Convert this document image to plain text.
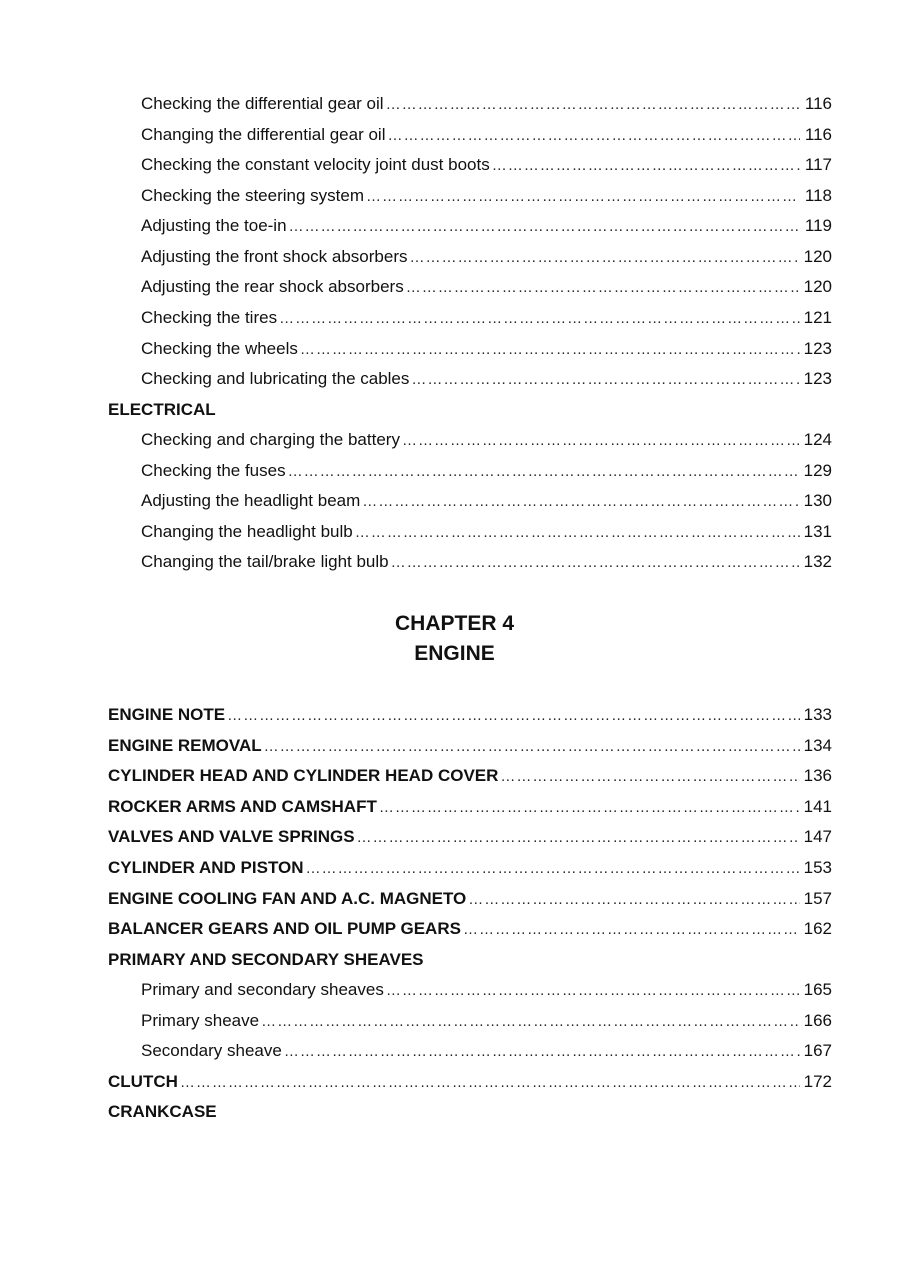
Checking the differential gear oil ……………………………………………………………………………………………………………………………………………………………………………………………………	116
Changing the differential gear oil ……………………………………………………………………………………………………………………………………………………………………………………………………	116
Checking the constant velocity joint dust boots ……………………………………………………………………………………………………………………………………………………………………………………………………	117
Checking the steering system ……………………………………………………………………………………………………………………………………………………………………………………………………	118
Adjusting the toe-in ……………………………………………………………………………………………………………………………………………………………………………………………………	119
Adjusting the front shock absorbers ……………………………………………………………………………………………………………………………………………………………………………………………………	120
Adjusting the rear shock absorbers ……………………………………………………………………………………………………………………………………………………………………………………………………	120
Checking the tires ……………………………………………………………………………………………………………………………………………………………………………………………………	121
Checking the wheels ……………………………………………………………………………………………………………………………………………………………………………………………………	123
Checking and lubricating the cables ……………………………………………………………………………………………………………………………………………………………………………………………………	123
ELECTRICAL
Checking and charging the battery ……………………………………………………………………………………………………………………………………………………………………………………………………	124
Checking the fuses ……………………………………………………………………………………………………………………………………………………………………………………………………	129
Adjusting the headlight beam ……………………………………………………………………………………………………………………………………………………………………………………………………	130
Changing the headlight bulb ……………………………………………………………………………………………………………………………………………………………………………………………………	131
Changing the tail/brake light bulb ……………………………………………………………………………………………………………………………………………………………………………………………………	132
CHAPTER 4
ENGINE
ENGINE NOTE ……………………………………………………………………………………………………………………………………………………………………………………………………	133
ENGINE REMOVAL ……………………………………………………………………………………………………………………………………………………………………………………………………	134
CYLINDER HEAD AND CYLINDER HEAD COVER ……………………………………………………………………………………………………………………………………………………………………………………………………	136
ROCKER ARMS AND CAMSHAFT ……………………………………………………………………………………………………………………………………………………………………………………………………	141
VALVES AND VALVE SPRINGS ……………………………………………………………………………………………………………………………………………………………………………………………………	147
CYLINDER AND PISTON ……………………………………………………………………………………………………………………………………………………………………………………………………	153
ENGINE COOLING FAN AND A.C. MAGNETO ……………………………………………………………………………………………………………………………………………………………………………………………………	157
BALANCER GEARS AND OIL PUMP GEARS ……………………………………………………………………………………………………………………………………………………………………………………………………	162
PRIMARY AND SECONDARY SHEAVES
Primary and secondary sheaves ……………………………………………………………………………………………………………………………………………………………………………………………………	165
Primary sheave ……………………………………………………………………………………………………………………………………………………………………………………………………	166
Secondary sheave ……………………………………………………………………………………………………………………………………………………………………………………………………	167
CLUTCH ……………………………………………………………………………………………………………………………………………………………………………………………………	172
CRANKCASE
